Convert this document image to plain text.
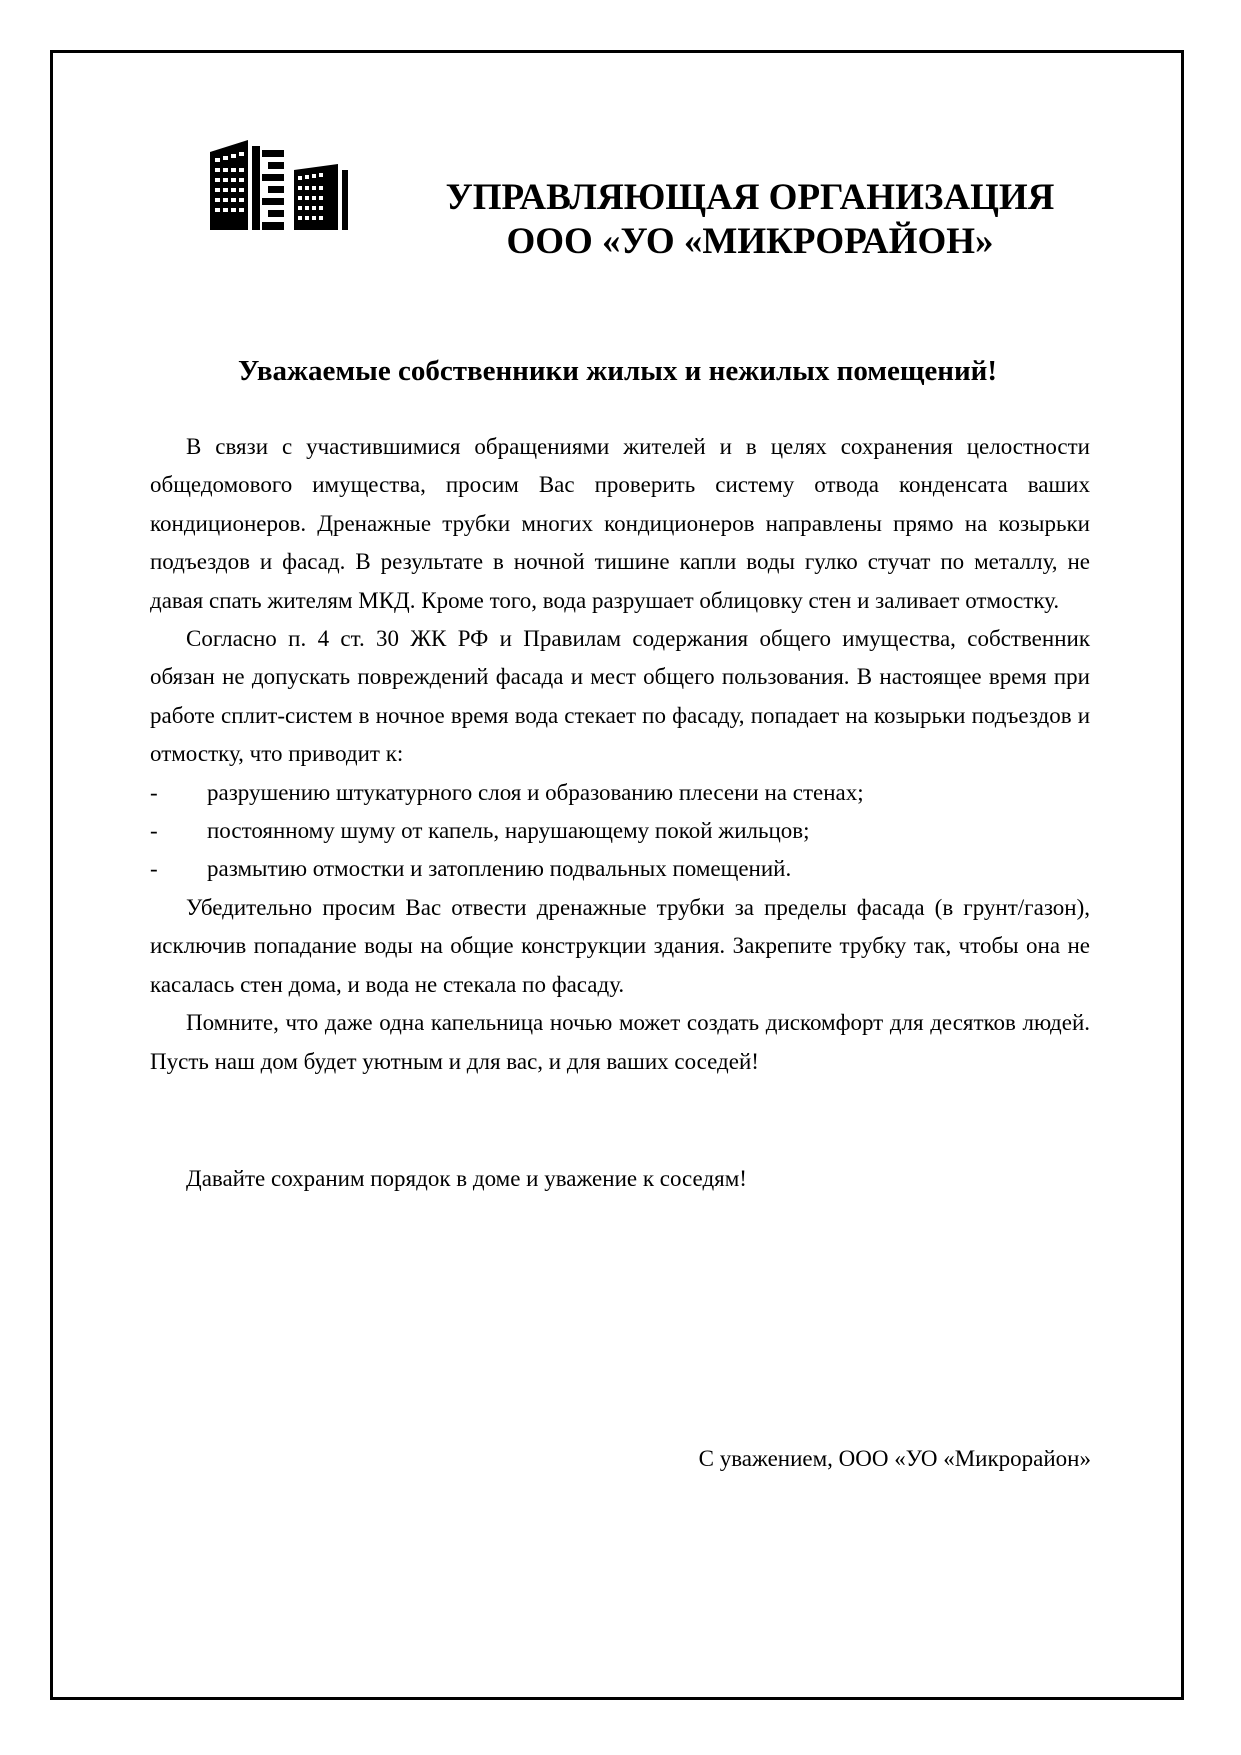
УПРАВЛЯЮЩАЯ ОРГАНИЗАЦИЯ
ООО «УО «МИКРОРАЙОН»
Уважаемые собственники жилых и нежилых помещений!

В связи с участившимися обращениями жителей и в целях сохранения целостности общедомового имущества, просим Вас проверить систему отвода конденсата ваших кондиционеров. Дренажные трубки многих кондиционеров направлены прямо на козырьки подъездов и фасад. В результате в ночной тишине капли воды гулко стучат по металлу, не давая спать жителям МКД. Кроме того, вода разрушает облицовку стен и заливает отмостку.

Согласно п. 4 ст. 30 ЖК РФ и Правилам содержания общего имущества, собственник обязан не допускать повреждений фасада и мест общего пользования. В настоящее время при работе сплит-систем в ночное время вода стекает по фасаду, попадает на козырьки подъездов и отмостку, что приводит к:

- разрушению штукатурного слоя и образованию плесени на стенах;
- постоянному шуму от капель, нарушающему покой жильцов;
- размытию отмостки и затоплению подвальных помещений.

Убедительно просим Вас отвести дренажные трубки за пределы фасада (в грунт/газон), исключив попадание воды на общие конструкции здания. Закрепите трубку так, чтобы она не касалась стен дома, и вода не стекала по фасаду.

Помните, что даже одна капельница ночью может создать дискомфорт для десятков людей. Пусть наш дом будет уютным и для вас, и для ваших соседей!

Давайте сохраним порядок в доме и уважение к соседям!
С уважением, ООО «УО «Микрорайон»
